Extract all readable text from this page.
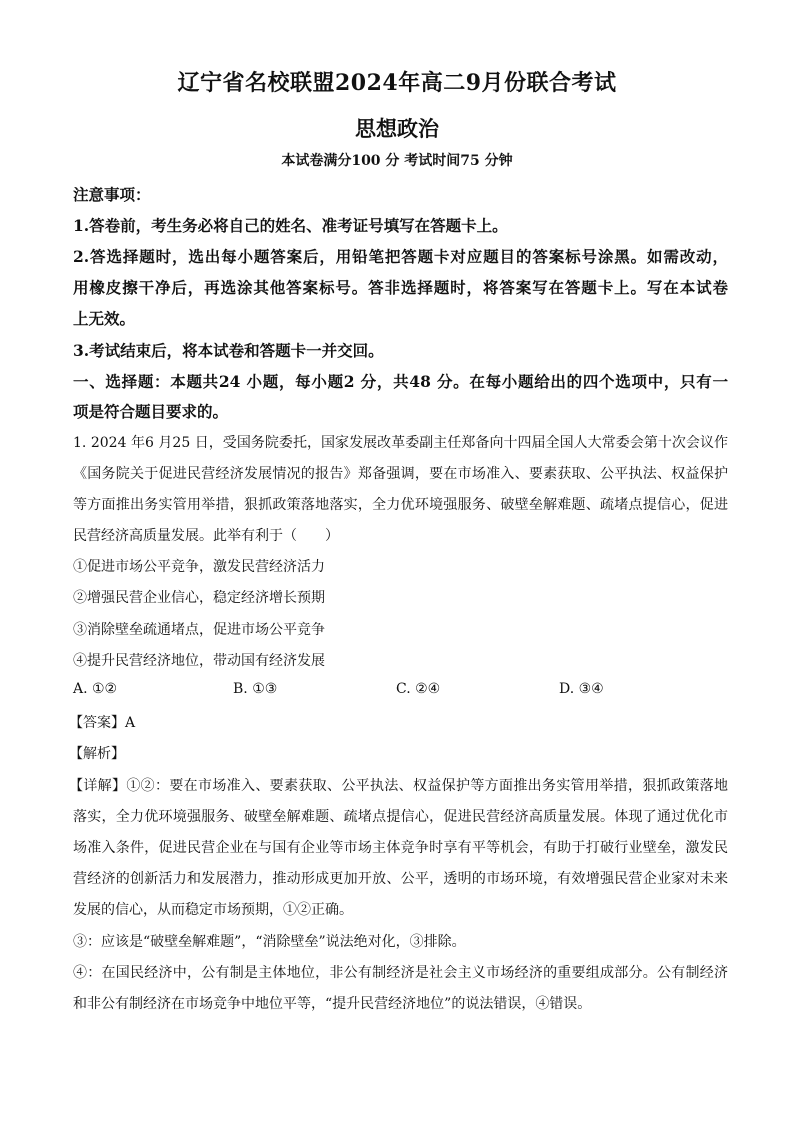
辽宁省名校联盟2024年高二9月份联合考试
思想政治
本试卷满分100 分 考试时间75 分钟
注意事项：
1.答卷前，考生务必将自己的姓名、准考证号填写在答题卡上。
2.答选择题时，选出每小题答案后，用铅笔把答题卡对应题目的答案标号涂黑。如需改动，
用橡皮擦干净后，再选涂其他答案标号。答非选择题时，将答案写在答题卡上。写在本试卷
上无效。
3.考试结束后，将本试卷和答题卡一并交回。
一、选择题：本题共24 小题，每小题2 分，共48 分。在每小题给出的四个选项中，只有一
项是符合题目要求的。
1. 2024 年6 月25 日，受国务院委托，国家发展改革委副主任郑备向十四届全国人大常委会第十次会议作
《国务院关于促进民营经济发展情况的报告》郑备强调，要在市场准入、要素获取、公平执法、权益保护
等方面推出务实管用举措，狠抓政策落地落实，全力优环境强服务、破壁垒解难题、疏堵点提信心，促进
民营经济高质量发展。此举有利于（　　）
①促进市场公平竞争，激发民营经济活力
②增强民营企业信心，稳定经济增长预期
③消除壁垒疏通堵点，促进市场公平竞争
④提升民营经济地位，带动国有经济发展
A. ①②	B. ①③	C. ②④	D. ③④
【答案】A
【解析】
【详解】①②：要在市场准入、要素获取、公平执法、权益保护等方面推出务实管用举措，狠抓政策落地
落实，全力优环境强服务、破壁垒解难题、疏堵点提信心，促进民营经济高质量发展。体现了通过优化市
场准入条件，促进民营企业在与国有企业等市场主体竞争时享有平等机会，有助于打破行业壁垒，激发民
营经济的创新活力和发展潜力，推动形成更加开放、公平，透明的市场环境，有效增强民营企业家对未来
发展的信心，从而稳定市场预期，①②正确。
③：应该是“破壁垒解难题”，“消除壁垒”说法绝对化，③排除。
④：在国民经济中，公有制是主体地位，非公有制经济是社会主义市场经济的重要组成部分。公有制经济
和非公有制经济在市场竞争中地位平等，“提升民营经济地位”的说法错误，④错误。
